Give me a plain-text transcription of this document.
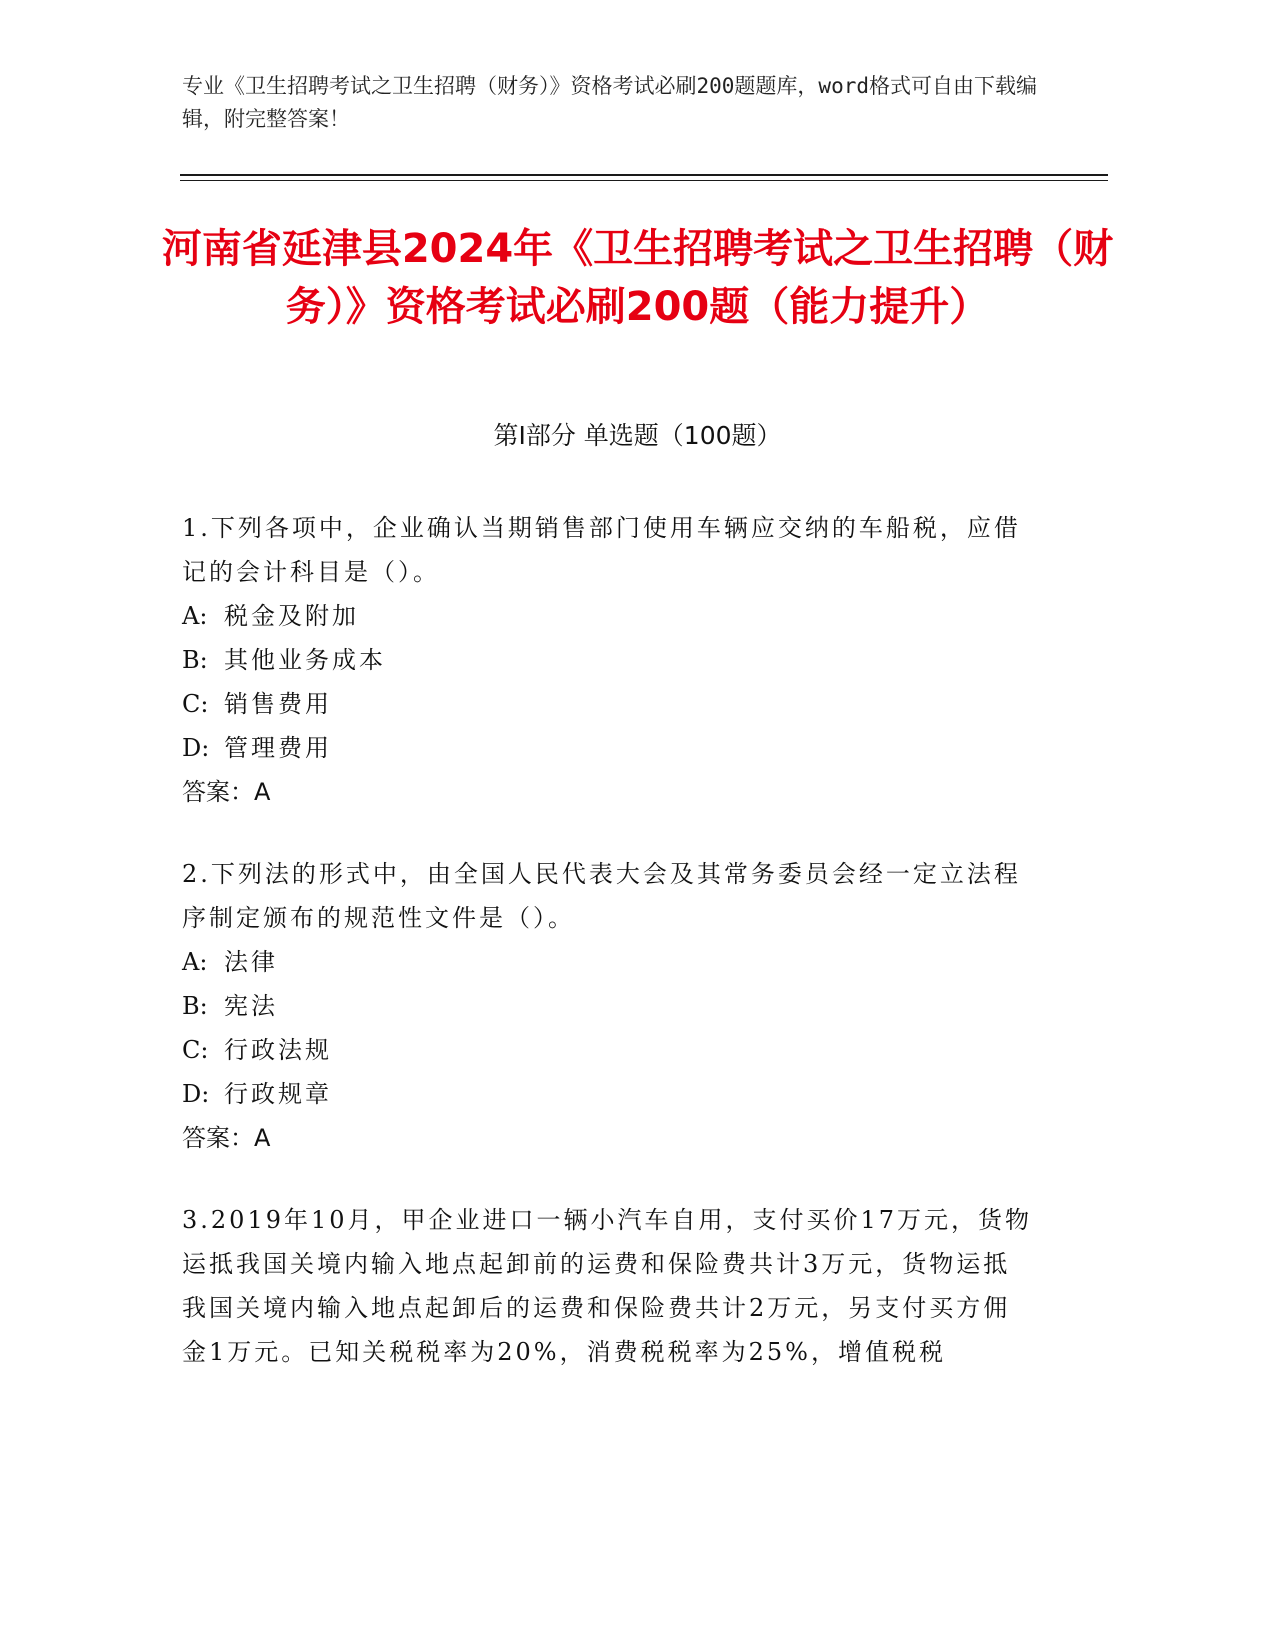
专业《卫生招聘考试之卫生招聘（财务）》资格考试必刷200题题库，word格式可自由下载编辑，附完整答案！
河南省延津县2024年《卫生招聘考试之卫生招聘（财务）》资格考试必刷200题（能力提升）
第I部分 单选题（100题）

1.下列各项中，企业确认当期销售部门使用车辆应交纳的车船税，应借记的会计科目是（）。

A: 税金及附加

B: 其他业务成本

C: 销售费用

D: 管理费用

答案：A

2.下列法的形式中，由全国人民代表大会及其常务委员会经一定立法程序制定颁布的规范性文件是（）。

A: 法律

B: 宪法

C: 行政法规

D: 行政规章

答案：A

3.2019年10月，甲企业进口一辆小汽车自用，支付买价17万元，货物运抵我国关境内输入地点起卸前的运费和保险费共计3万元，货物运抵我国关境内输入地点起卸后的运费和保险费共计2万元，另支付买方佣金1万元。已知关税税率为20%，消费税税率为25%，增值税税
